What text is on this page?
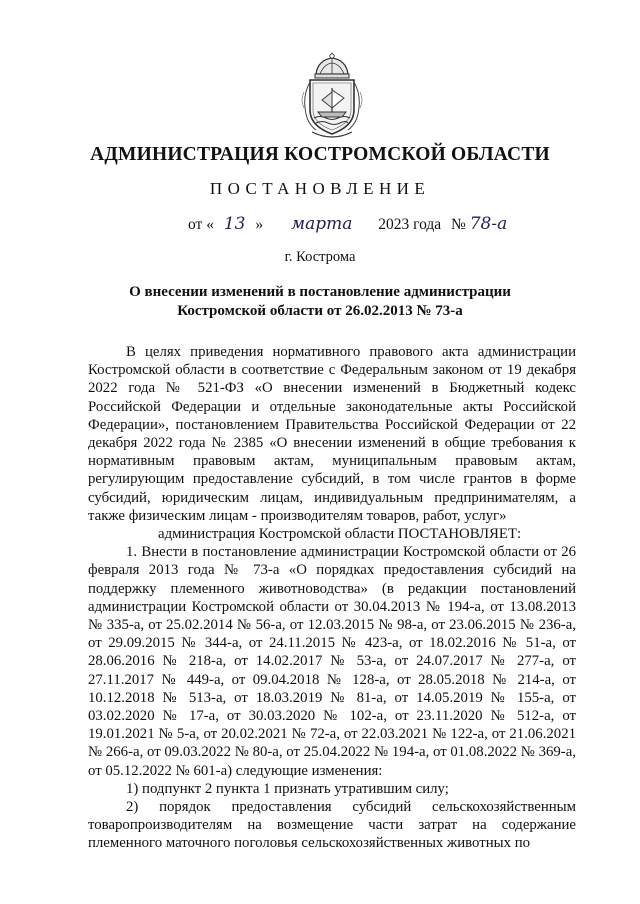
АДМИНИСТРАЦИЯ КОСТРОМСКОЙ ОБЛАСТИ
ПОСТАНОВЛЕНИЕ
от « 13 » марта 2023 года № 78-а
г. Кострома
О внесении изменений в постановление администрации
Костромской области от 26.02.2013 № 73-а

В целях приведения нормативного правового акта администрации Костромской области в соответствие с Федеральным законом от 19 декабря 2022 года № 521-ФЗ «О внесении изменений в Бюджетный кодекс Российской Федерации и отдельные законодательные акты Российской Федерации», постановлением Правительства Российской Федерации от 22 декабря 2022 года № 2385 «О внесении изменений в общие требования к нормативным правовым актам, муниципальным правовым актам, регулирующим предоставление субсидий, в том числе грантов в форме субсидий, юридическим лицам, индивидуальным предпринимателям, а также физическим лицам - производителям товаров, работ, услуг»

администрация Костромской области ПОСТАНОВЛЯЕТ:

1. Внести в постановление администрации Костромской области от 26 февраля 2013 года № 73-а «О порядках предоставления субсидий на поддержку племенного животноводства» (в редакции постановлений администрации Костромской области от 30.04.2013 № 194-а, от 13.08.2013 № 335-а, от 25.02.2014 № 56-а, от 12.03.2015 № 98-а, от 23.06.2015 № 236-а, от 29.09.2015 № 344-а, от 24.11.2015 № 423-а, от 18.02.2016 № 51-а, от 28.06.2016 № 218-а, от 14.02.2017 № 53-а, от 24.07.2017 № 277-а, от 27.11.2017 № 449-а, от 09.04.2018 № 128-а, от 28.05.2018 № 214-а, от 10.12.2018 № 513-а, от 18.03.2019 № 81-а, от 14.05.2019 № 155-а, от 03.02.2020 № 17-а, от 30.03.2020 № 102-а, от 23.11.2020 № 512-а, от 19.01.2021 № 5-а, от 20.02.2021 № 72-а, от 22.03.2021 № 122-а, от 21.06.2021 № 266-а, от 09.03.2022 № 80-а, от 25.04.2022 № 194-а, от 01.08.2022 № 369-а, от 05.12.2022 № 601-а) следующие изменения:

1) подпункт 2 пункта 1 признать утратившим силу;

2) порядок предоставления субсидий сельскохозяйственным товаропроизводителям на возмещение части затрат на содержание племенного маточного поголовья сельскохозяйственных животных по
